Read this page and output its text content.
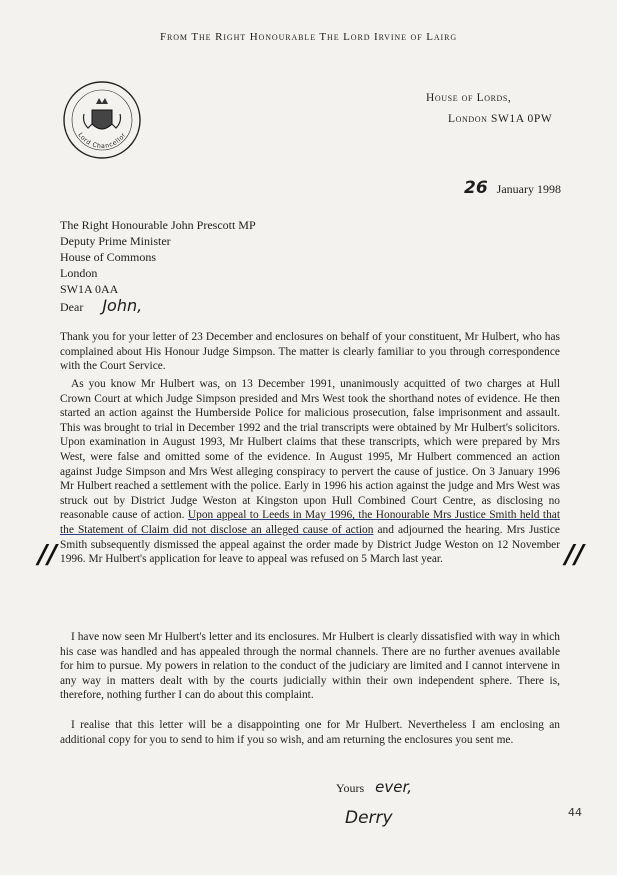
From The Right Honourable The Lord Irvine of Lairg
Lord Chancellor
House of Lords,
London SW1A 0PW
26 January 1998
The Right Honourable John Prescott MP
Deputy Prime Minister
House of Commons
London
SW1A 0AA
Dear John,

Thank you for your letter of 23 December and enclosures on behalf of your constituent, Mr Hulbert, who has complained about His Honour Judge Simpson. The matter is clearly familiar to you through correspondence with the Court Service.

As you know Mr Hulbert was, on 13 December 1991, unanimously acquitted of two charges at Hull Crown Court at which Judge Simpson presided and Mrs West took the shorthand notes of evidence. He then started an action against the Humberside Police for malicious prosecution, false imprisonment and assault. This was brought to trial in December 1992 and the trial transcripts were obtained by Mr Hulbert's solicitors. Upon examination in August 1993, Mr Hulbert claims that these transcripts, which were prepared by Mrs West, were false and omitted some of the evidence. In August 1995, Mr Hulbert commenced an action against Judge Simpson and Mrs West alleging conspiracy to pervert the cause of justice. On 3 January 1996 Mr Hulbert reached a settlement with the police. Early in 1996 his action against the judge and Mrs West was struck out by District Judge Weston at Kingston upon Hull Combined Court Centre, as disclosing no reasonable cause of action. Upon appeal to Leeds in May 1996, the Honourable Mrs Justice Smith held that the Statement of Claim did not disclose an alleged cause of action and adjourned the hearing. Mrs Justice Smith subsequently dismissed the appeal against the order made by District Judge Weston on 12 November 1996. Mr Hulbert's application for leave to appeal was refused on 5 March last year.

I have now seen Mr Hulbert's letter and its enclosures. Mr Hulbert is clearly dissatisfied with way in which his case was handled and has appealed through the normal channels. There are no further avenues available for him to pursue. My powers in relation to the conduct of the judiciary are limited and I cannot intervene in any way in matters dealt with by the courts judicially within their own independent sphere. There is, therefore, nothing further I can do about this complaint.

I realise that this letter will be a disappointing one for Mr Hulbert. Nevertheless I am enclosing an additional copy for you to send to him if you so wish, and am returning the enclosures you sent me.

Yours ever,
Derry	44
//	//
